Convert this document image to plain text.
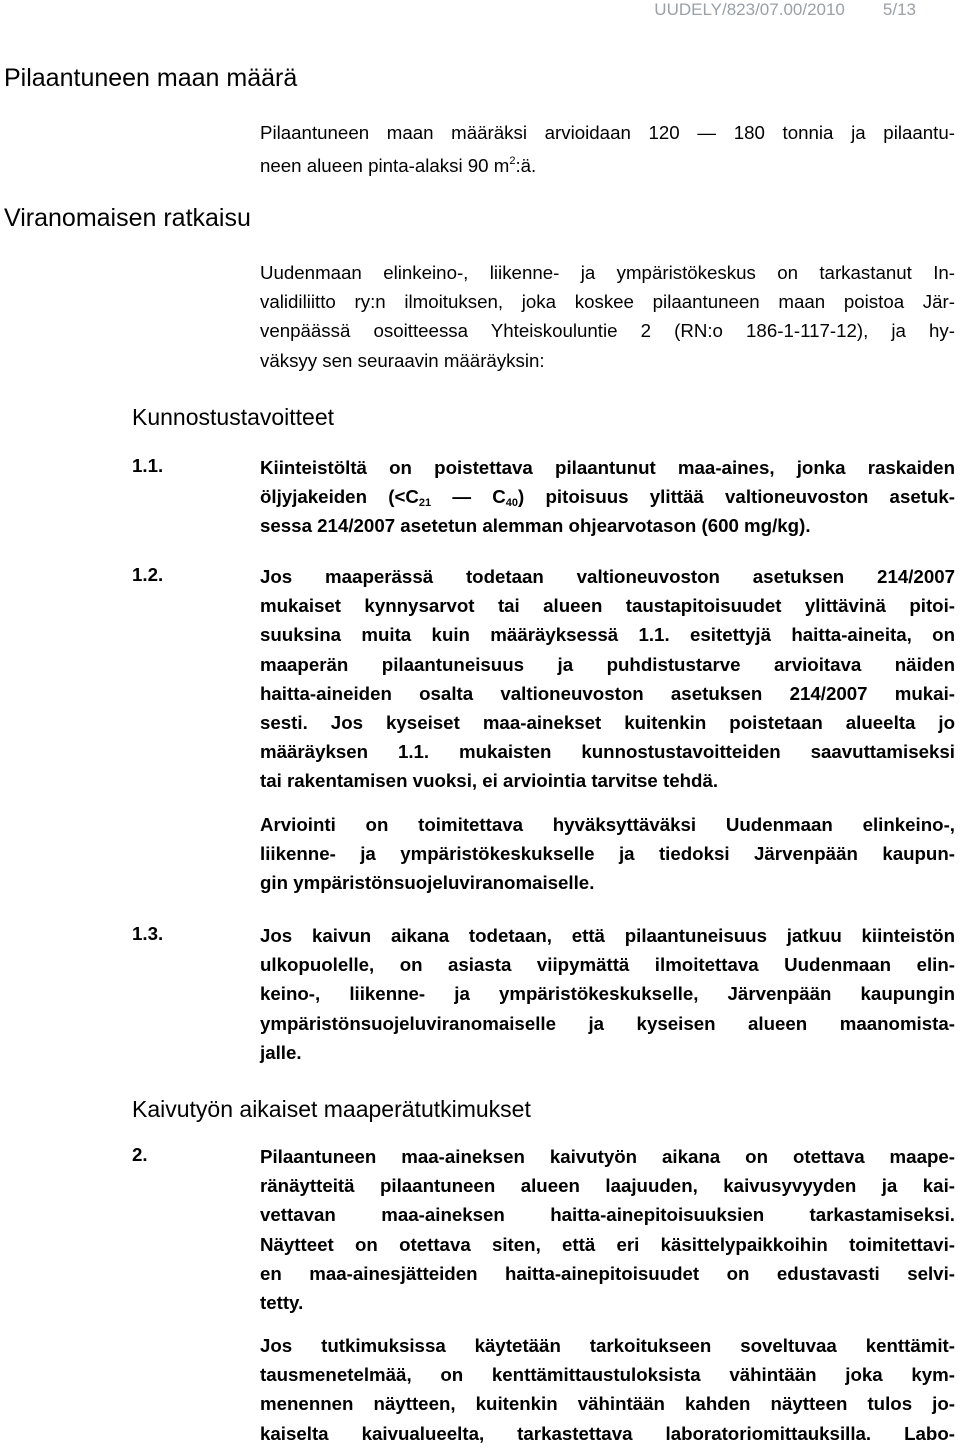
UUDELY/823/07.00/2010 5/13
Pilaantuneen maan määrä
Pilaantuneen maan määräksi arvioidaan 120 — 180 tonnia ja pilaantu-
neen alueen pinta-alaksi 90 $m^2:ä$.
Viranomaisen ratkaisu
Uudenmaan elinkeino-, liikenne- ja ympäristökeskus on tarkastanut In-
validiliitto ry:n ilmoituksen, joka koskee pilaantuneen maan poistoa Jär-
venpäässä osoitteessa Yhteiskouluntie 2 (RN:o 186-1-117-12), ja hy-
väksyy sen seuraavin määräyksin:
Kunnostustavoitteet
1.1.	Kiinteistöltä on poistettava pilaantunut maa-aines, jonka raskaiden
öljyjakeiden ($<C_{21}$ — $C_{40}$) pitoisuus ylittää valtioneuvoston asetuk-
sessa 214/2007 asetetun alemman ohjearvotason (600 mg/kg).
1.2.	Jos maaperässä todetaan valtioneuvoston asetuksen 214/2007
mukaiset kynnysarvot tai alueen taustapitoisuudet ylittävinä pitoi-
suuksina muita kuin määräyksessä 1.1. esitettyjä haitta-aineita, on
maaperän pilaantuneisuus ja puhdistustarve arvioitava näiden
haitta-aineiden osalta valtioneuvoston asetuksen 214/2007 mukai-
sesti. Jos kyseiset maa-ainekset kuitenkin poistetaan alueelta jo
määräyksen 1.1. mukaisten kunnostustavoitteiden saavuttamiseksi
tai rakentamisen vuoksi, ei arviointia tarvitse tehdä.
Arviointi on toimitettava hyväksyttäväksi Uudenmaan elinkeino-,
liikenne- ja ympäristökeskukselle ja tiedoksi Järvenpään kaupun-
gin ympäristönsuojeluviranomaiselle.
1.3.	Jos kaivun aikana todetaan, että pilaantuneisuus jatkuu kiinteistön
ulkopuolelle, on asiasta viipymättä ilmoitettava Uudenmaan elin-
keino-, liikenne- ja ympäristökeskukselle, Järvenpään kaupungin
ympäristönsuojeluviranomaiselle ja kyseisen alueen maanomista-
jalle.
Kaivutyön aikaiset maaperätutkimukset
2.	Pilaantuneen maa-aineksen kaivutyön aikana on otettava maape-
ränäytteitä pilaantuneen alueen laajuuden, kaivusyvyyden ja kai-
vettavan maa-aineksen haitta-ainepitoisuuksien tarkastamiseksi.
Näytteet on otettava siten, että eri käsittelypaikkoihin toimitettavi-
en maa-ainesjätteiden haitta-ainepitoisuudet on edustavasti selvi-
tetty.
Jos tutkimuksissa käytetään tarkoitukseen soveltuvaa kenttämit-
tausmenetelmää, on kenttämittaustuloksista vähintään joka kym-
menennen näytteen, kuitenkin vähintään kahden näytteen tulos jo-
kaiselta kaivualueelta, tarkastettava laboratoriomittauksilla. Labo-
